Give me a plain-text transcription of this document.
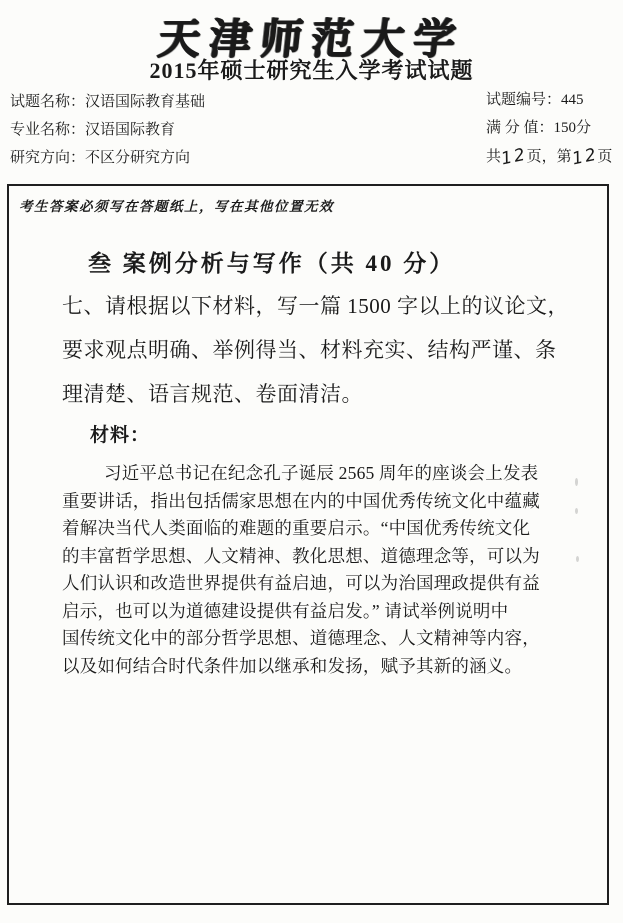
天津师范大学
2015年硕士研究生入学考试试题
试题名称：汉语国际教育基础
专业名称：汉语国际教育
研究方向：不区分研究方向
试题编号：445
满 分 值：150分
共12页，第12页
考生答案必须写在答题纸上，写在其他位置无效
叁 案例分析与写作（共 40 分）
七、请根据以下材料，写一篇 1500 字以上的议论文，
要求观点明确、举例得当、材料充实、结构严谨、条
理清楚、语言规范、卷面清洁。
材料：
习近平总书记在纪念孔子诞辰 2565 周年的座谈会上发表
重要讲话，指出包括儒家思想在内的中国优秀传统文化中蕴藏
着解决当代人类面临的难题的重要启示。“中国优秀传统文化
的丰富哲学思想、人文精神、教化思想、道德理念等，可以为
人们认识和改造世界提供有益启迪，可以为治国理政提供有益
启示，也可以为道德建设提供有益启发。” 请试举例说明中
国传统文化中的部分哲学思想、道德理念、人文精神等内容，
以及如何结合时代条件加以继承和发扬，赋予其新的涵义。
